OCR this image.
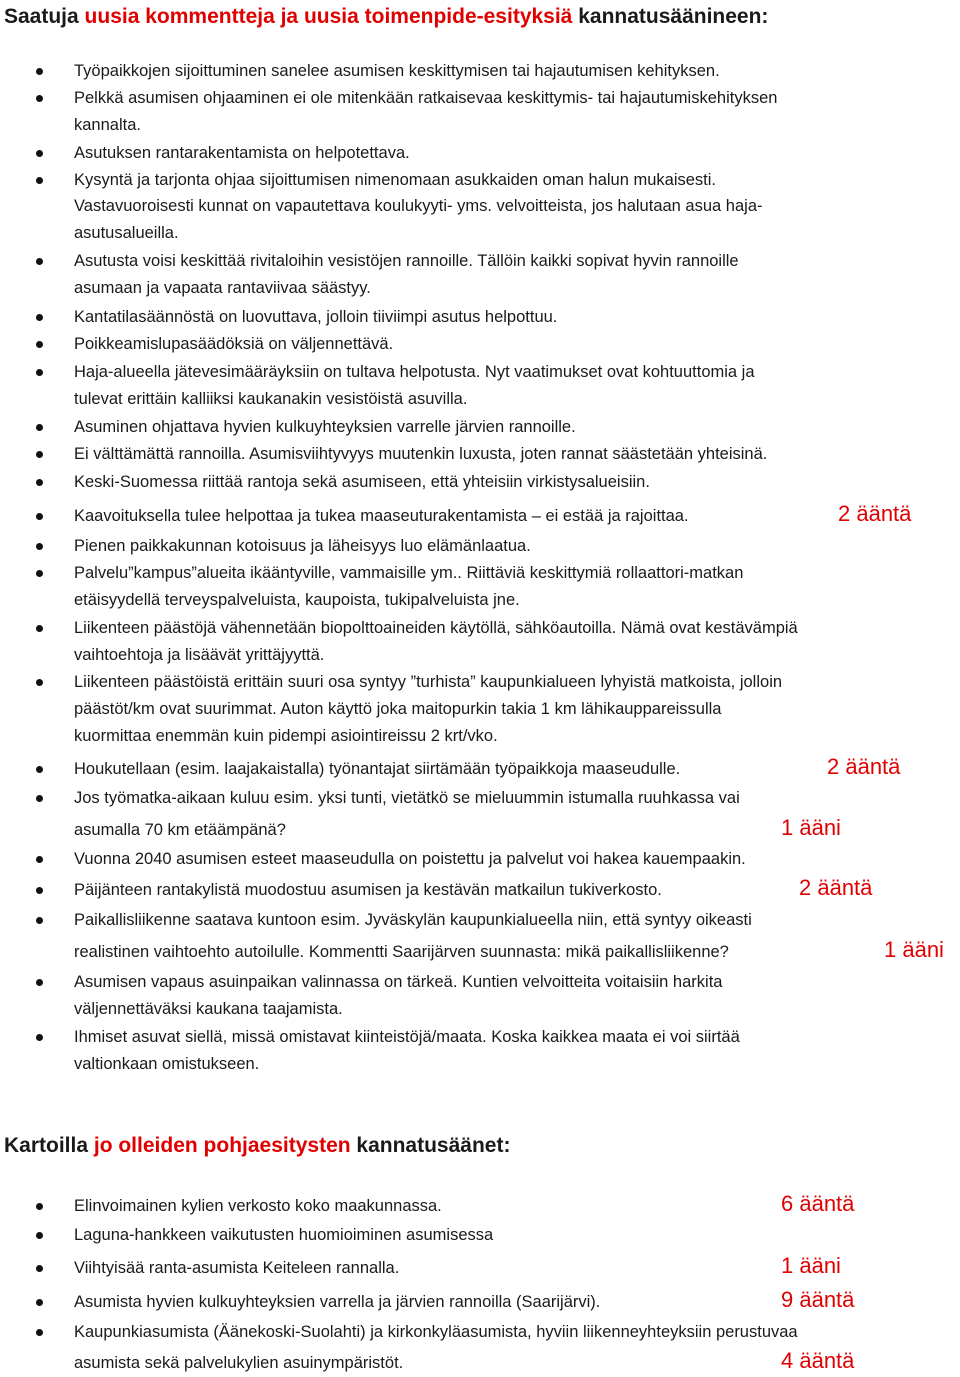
Saatuja uusia kommentteja ja uusia toimenpide-esityksiä kannatusäänineen:
Työpaikkojen sijoittuminen sanelee asumisen keskittymisen tai hajautumisen kehityksen.
Pelkkä asumisen ohjaaminen ei ole mitenkään ratkaisevaa keskittymis- tai hajautumiskehityksen
kannalta.
Asutuksen rantarakentamista on helpotettava.
Kysyntä ja tarjonta ohjaa sijoittumisen nimenomaan asukkaiden oman halun mukaisesti.
Vastavuoroisesti kunnat on vapautettava koulukyyti- yms. velvoitteista, jos halutaan asua haja-
asutusalueilla.
Asutusta voisi keskittää rivitaloihin vesistöjen rannoille. Tällöin kaikki sopivat hyvin rannoille
asumaan ja vapaata rantaviivaa säästyy.
Kantatilasäännöstä on luovuttava, jolloin tiiviimpi asutus helpottuu.
Poikkeamislupasäädöksiä on väljennettävä.
Haja-alueella jätevesimääräyksiin on tultava helpotusta. Nyt vaatimukset ovat kohtuuttomia ja
tulevat erittäin kalliiksi kaukanakin vesistöistä asuvilla.
Asuminen ohjattava hyvien kulkuyhteyksien varrelle järvien rannoille.
Ei välttämättä rannoilla. Asumisviihtyvyys muutenkin luxusta, joten rannat säästetään yhteisinä.
Keski-Suomessa riittää rantoja sekä asumiseen, että yhteisiin virkistysalueisiin.
Kaavoituksella tulee helpottaa ja tukea maaseuturakentamista – ei estää ja rajoittaa.	2 ääntä
Pienen paikkakunnan kotoisuus ja läheisyys luo elämänlaatua.
Palvelu”kampus”alueita ikääntyville, vammaisille ym.. Riittäviä keskittymiä rollaattori-matkan
etäisyydellä terveyspalveluista, kaupoista, tukipalveluista jne.
Liikenteen päästöjä vähennetään biopolttoaineiden käytöllä, sähköautoilla. Nämä ovat kestävämpiä
vaihtoehtoja ja lisäävät yrittäjyyttä.
Liikenteen päästöistä erittäin suuri osa syntyy ”turhista” kaupunkialueen lyhyistä matkoista, jolloin
päästöt/km ovat suurimmat. Auton käyttö joka maitopurkin takia 1 km lähikauppareissulla
kuormittaa enemmän kuin pidempi asiointireissu 2 krt/vko.
Houkutellaan (esim. laajakaistalla) työnantajat siirtämään työpaikkoja maaseudulle.	2 ääntä
Jos työmatka-aikaan kuluu esim. yksi tunti, vietätkö se mieluummin istumalla ruuhkassa vai
asumalla 70 km etäämpänä?	1 ääni
Vuonna 2040 asumisen esteet maaseudulla on poistettu ja palvelut voi hakea kauempaakin.
Päijänteen rantakylistä muodostuu asumisen ja kestävän matkailun tukiverkosto.	2 ääntä
Paikallisliikenne saatava kuntoon esim. Jyväskylän kaupunkialueella niin, että syntyy oikeasti
realistinen vaihtoehto autoilulle. Kommentti Saarijärven suunnasta: mikä paikallisliikenne?	1 ääni
Asumisen vapaus asuinpaikan valinnassa on tärkeä. Kuntien velvoitteita voitaisiin harkita
väljennettäväksi kaukana taajamista.
Ihmiset asuvat siellä, missä omistavat kiinteistöjä/maata. Koska kaikkea maata ei voi siirtää
valtionkaan omistukseen.
Kartoilla jo olleiden pohjaesitysten kannatusäänet:
Elinvoimainen kylien verkosto koko maakunnassa.	6 ääntä
Laguna-hankkeen vaikutusten huomioiminen asumisessa
Viihtyisää ranta-asumista Keiteleen rannalla.	1 ääni
Asumista hyvien kulkuyhteyksien varrella ja järvien rannoilla (Saarijärvi).	9 ääntä
Kaupunkiasumista (Äänekoski-Suolahti) ja kirkonkyläasumista, hyviin liikenneyhteyksiin perustuvaa
asumista sekä palvelukylien asuinympäristöt.	4 ääntä
